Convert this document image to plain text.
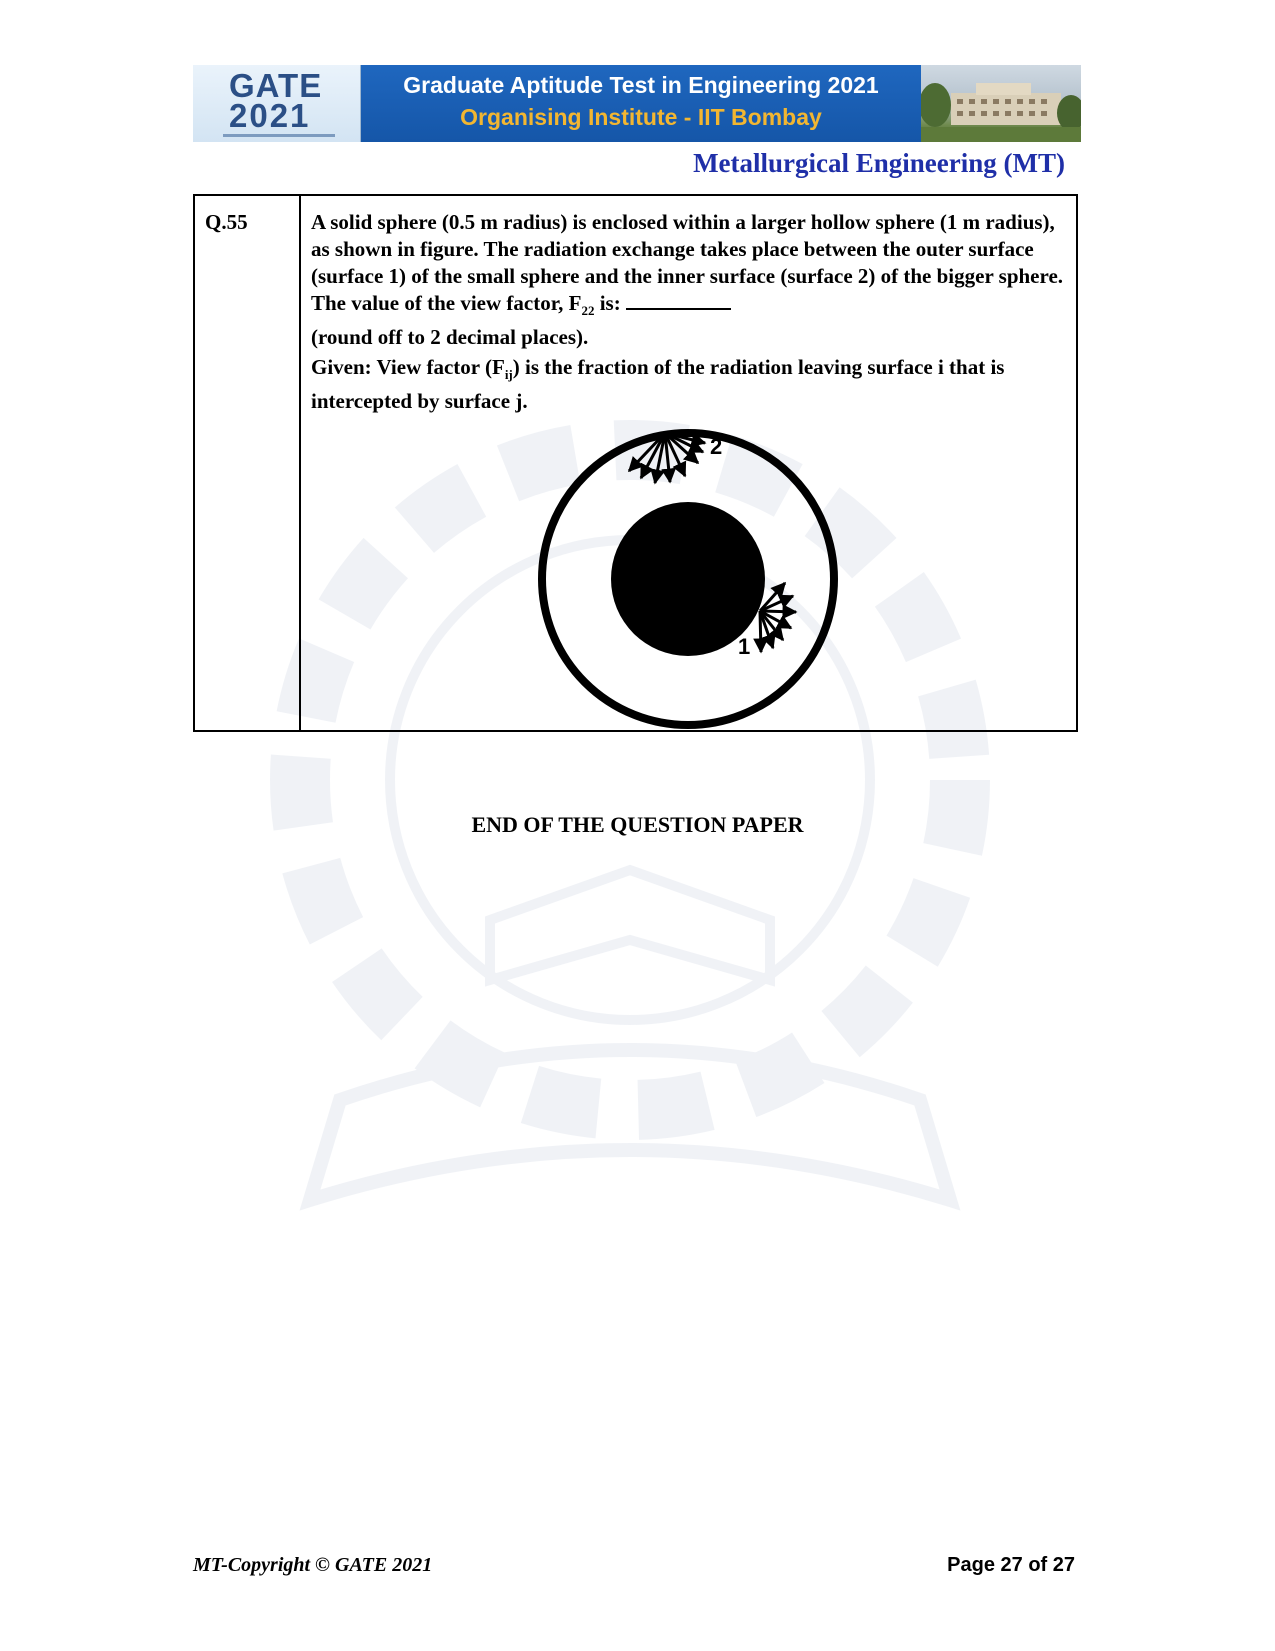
GATE
2021
Graduate Aptitude Test in Engineering 2021
Organising Institute - IIT Bombay
Metallurgical Engineering (MT)
Q.55	A solid sphere (0.5 m radius) is enclosed within a larger hollow sphere (1 m radius), as shown in figure. The radiation exchange takes place between the outer surface (surface 1) of the small sphere and the inner surface (surface 2) of the bigger sphere. The value of the view factor, $F_{22}$ is:
(round off to 2 decimal places).

Given: View factor $(F_{ij})$ is the fraction of the radiation leaving surface i that is intercepted by surface j.

2
1
END OF THE QUESTION PAPER
MT-Copyright © GATE 2021	Page 27 of 27
